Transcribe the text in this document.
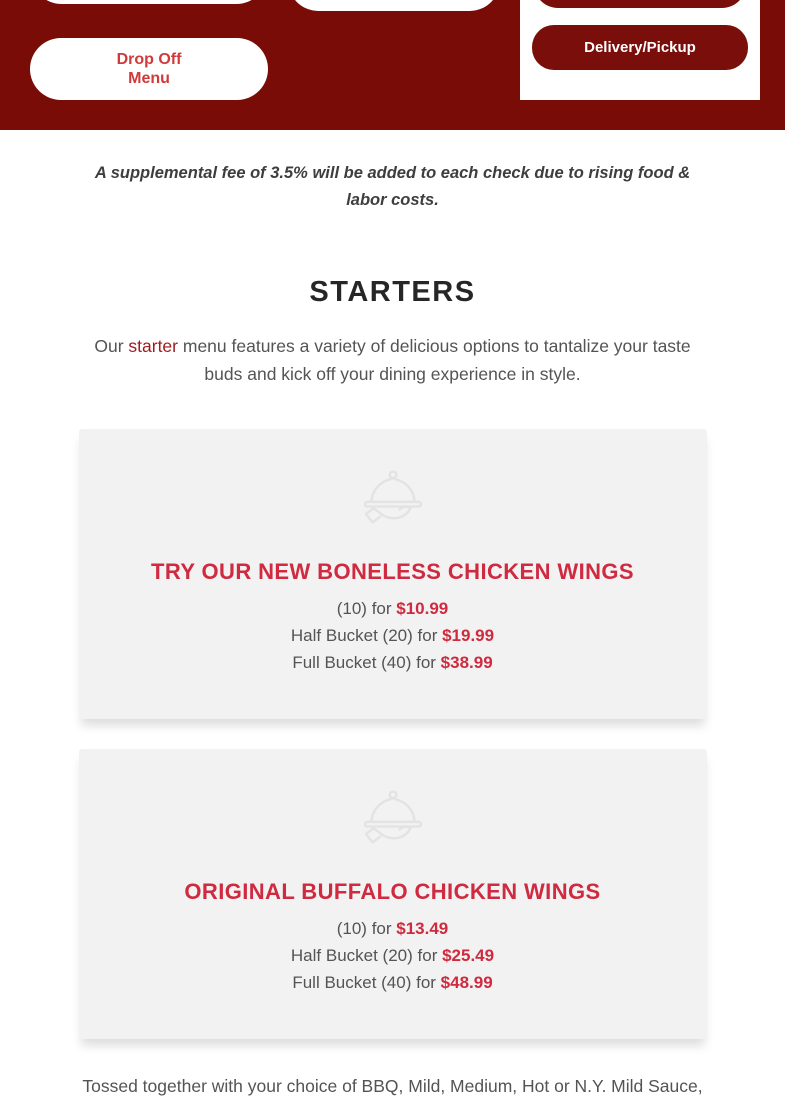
Drop Off
Menu
Delivery/Pickup

A supplemental fee of 3.5% will be added to each check due to rising food & labor costs.

STARTERS

Our starter menu features a variety of delicious options to tantalize your taste buds and kick off your dining experience in style.

TRY OUR NEW BONELESS CHICKEN WINGS

(10) for $10.99

Half Bucket (20) for $19.99

Full Bucket (40) for $38.99

ORIGINAL BUFFALO CHICKEN WINGS

(10) for $13.49

Half Bucket (20) for $25.49

Full Bucket (40) for $48.99

Tossed together with your choice of BBQ, Mild, Medium, Hot or N.Y. Mild Sauce,
